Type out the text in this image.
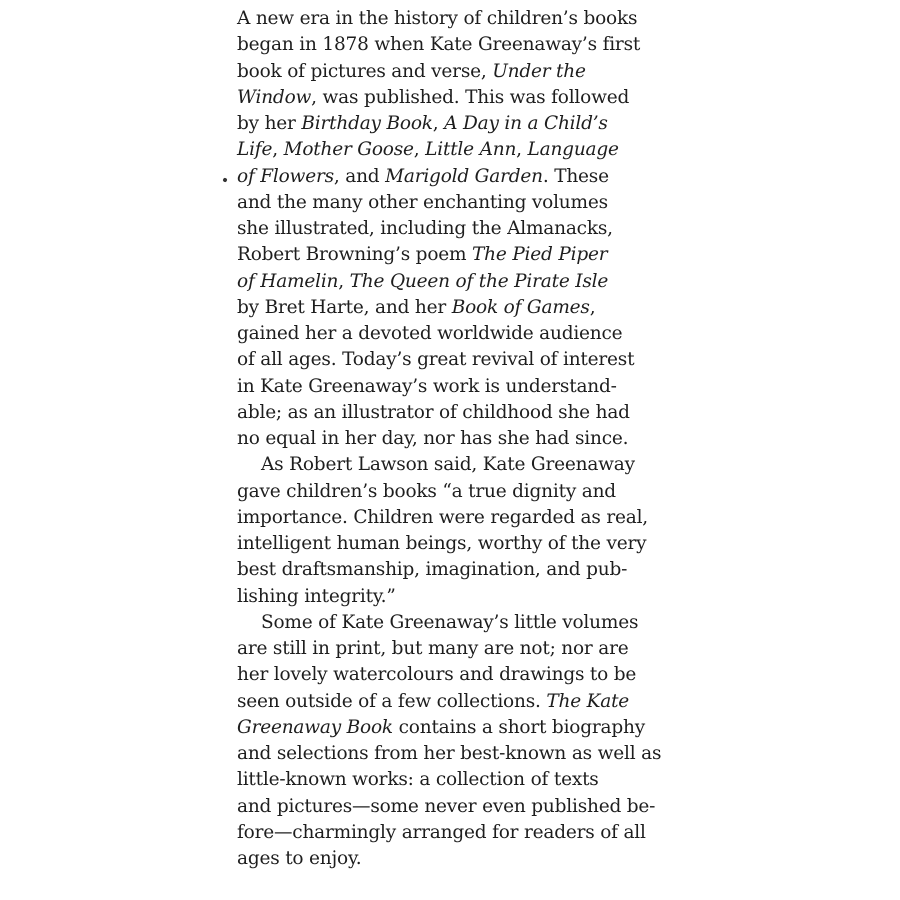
A new era in the history of children’s books
began in 1878 when Kate Greenaway’s first
book of pictures and verse, Under the
Window, was published. This was followed
by her Birthday Book, A Day in a Child’s
Life, Mother Goose, Little Ann, Language
of Flowers, and Marigold Garden. These
and the many other enchanting volumes
she illustrated, including the Almanacks,
Robert Browning’s poem The Pied Piper
of Hamelin, The Queen of the Pirate Isle
by Bret Harte, and her Book of Games,
gained her a devoted worldwide audience
of all ages. Today’s great revival of interest
in Kate Greenaway’s work is understand-
able; as an illustrator of childhood she had
no equal in her day, nor has she had since.
As Robert Lawson said, Kate Greenaway
gave children’s books “a true dignity and
importance. Children were regarded as real,
intelligent human beings, worthy of the very
best draftsmanship, imagination, and pub-
lishing integrity.”
Some of Kate Greenaway’s little volumes
are still in print, but many are not; nor are
her lovely watercolours and drawings to be
seen outside of a few collections. The Kate
Greenaway Book contains a short biography
and selections from her best-known as well as
little-known works: a collection of texts
and pictures—some never even published be-
fore—charmingly arranged for readers of all
ages to enjoy.
